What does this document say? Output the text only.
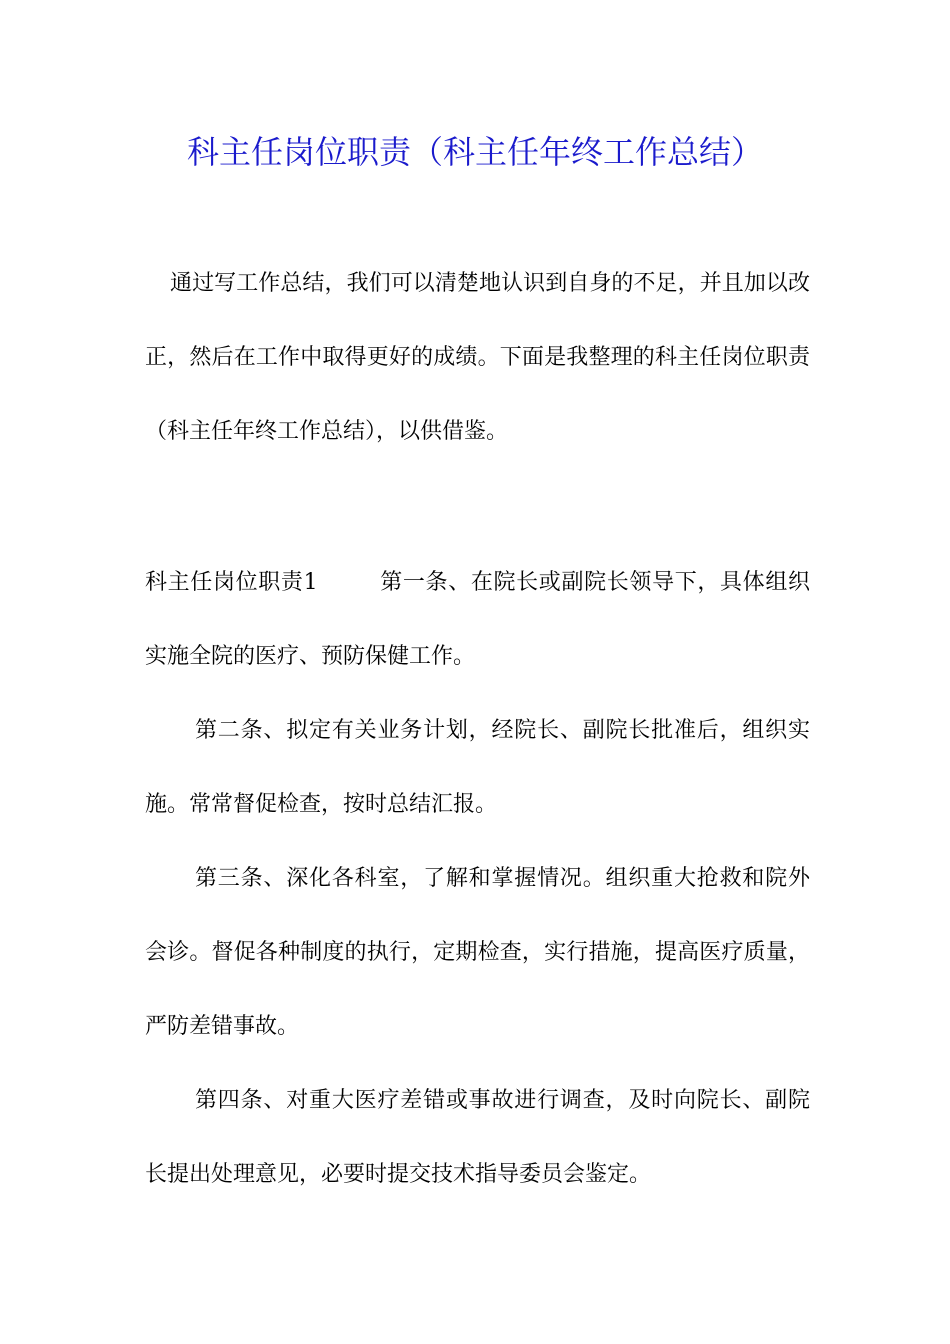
科主任岗位职责（科主任年终工作总结）

通过写工作总结，我们可以清楚地认识到自身的不足，并且加以改正，然后在工作中取得更好的成绩。下面是我整理的科主任岗位职责（科主任年终工作总结），以供借鉴。

科主任岗位职责1	第一条、在院长或副院长领导下，具体组织实施全院的医疗、预防保健工作。

第二条、拟定有关业务计划，经院长、副院长批准后，组织实施。常常督促检查，按时总结汇报。

第三条、深化各科室，了解和掌握情况。组织重大抢救和院外会诊。督促各种制度的执行，定期检查，实行措施，提高医疗质量，严防差错事故。

第四条、对重大医疗差错或事故进行调查，及时向院长、副院长提出处理意见，必要时提交技术指导委员会鉴定。
